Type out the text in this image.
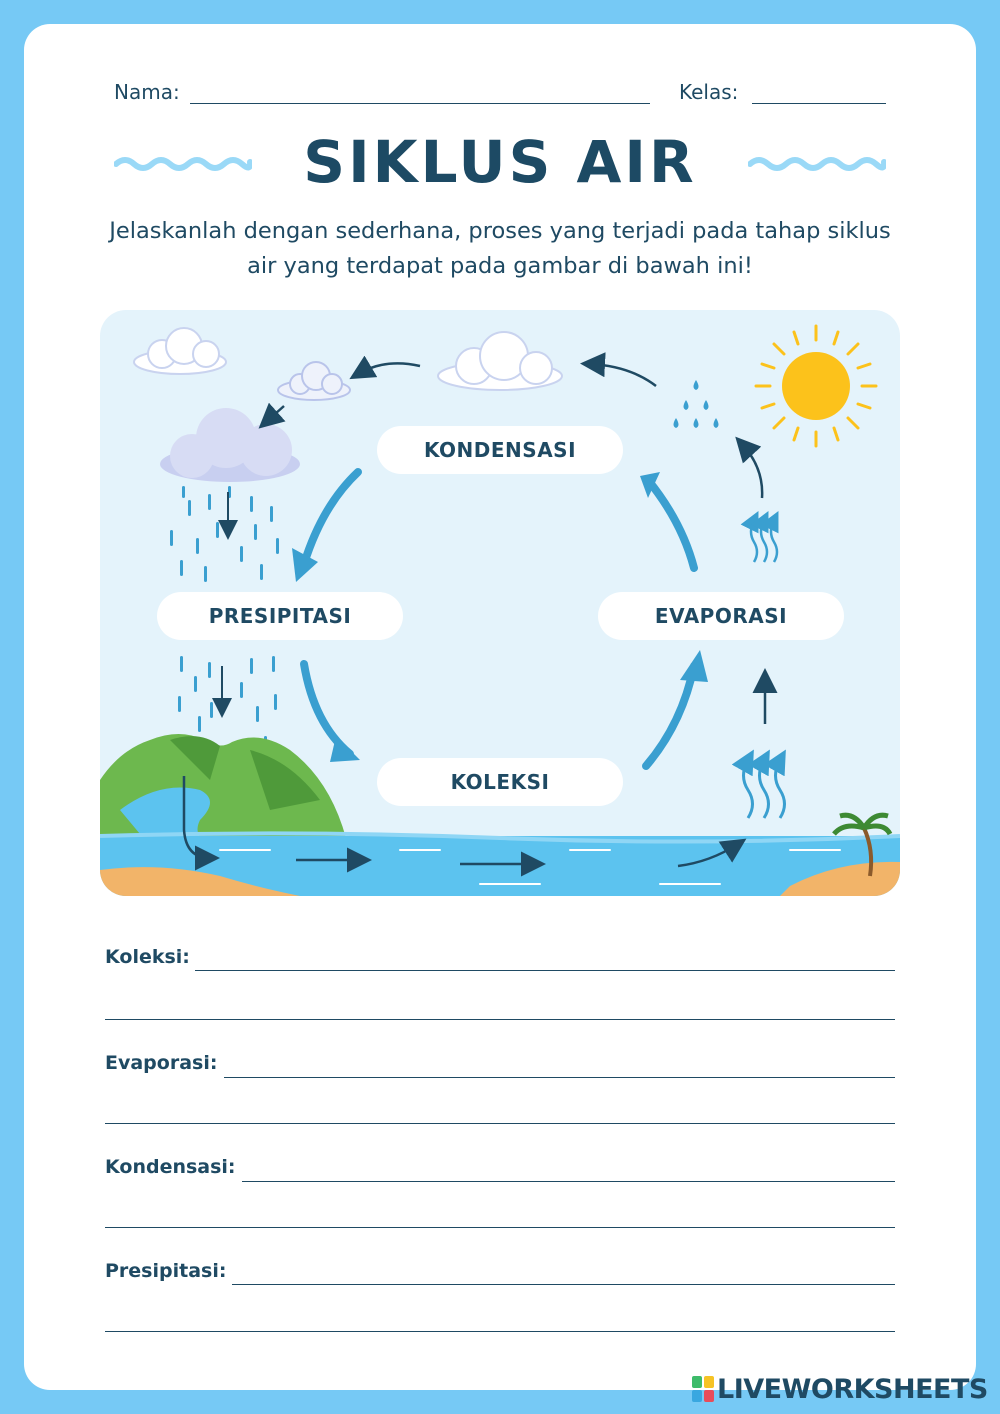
Nama:	Kelas:
SIKLUS AIR
Jelaskanlah dengan sederhana, proses yang terjadi pada tahap siklus air yang terdapat pada gambar di bawah ini!
KONDENSASI
PRESIPITASI	EVAPORASI
KOLEKSI
Koleksi:
Evaporasi:
Kondensasi:
Presipitasi:
LIVEWORKSHEETS
